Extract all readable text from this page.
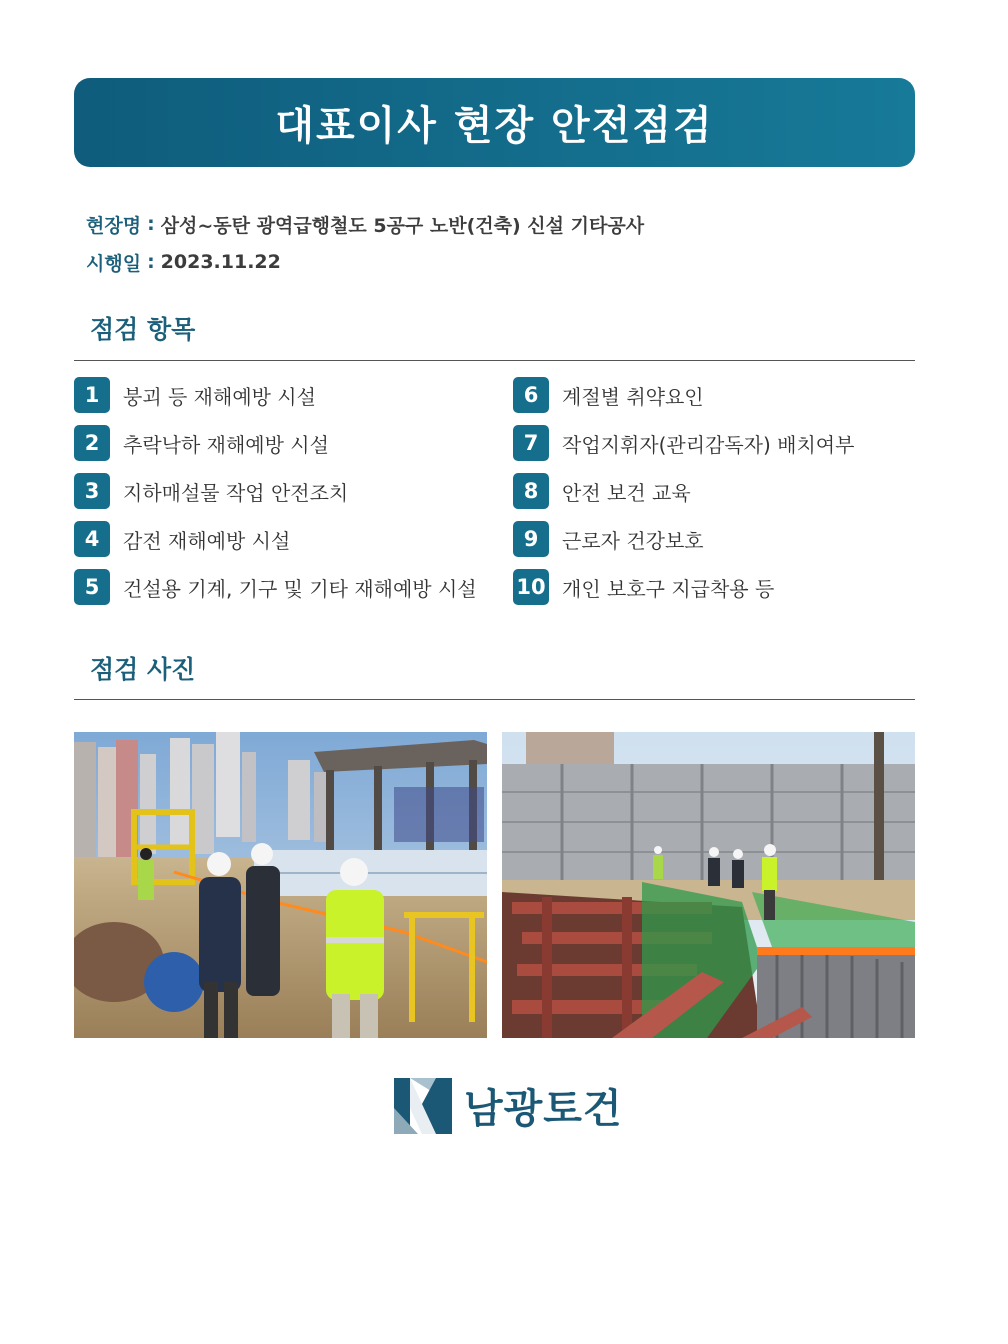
대표이사 현장 안전점검
현장명 : 삼성~동탄 광역급행철도 5공구 노반(건축) 신설 기타공사
시행일 : 2023.11.22
점검 항목
1	붕괴 등 재해예방 시설
2	추락낙하 재해예방 시설
3	지하매설물 작업 안전조치
4	감전 재해예방 시설
5	건설용 기계, 기구 및 기타 재해예방 시설
6	계절별 취약요인
7	작업지휘자(관리감독자) 배치여부
8	안전 보건 교육
9	근로자 건강보호
10 개인 보호구 지급착용 등
점검 사진
남광토건
